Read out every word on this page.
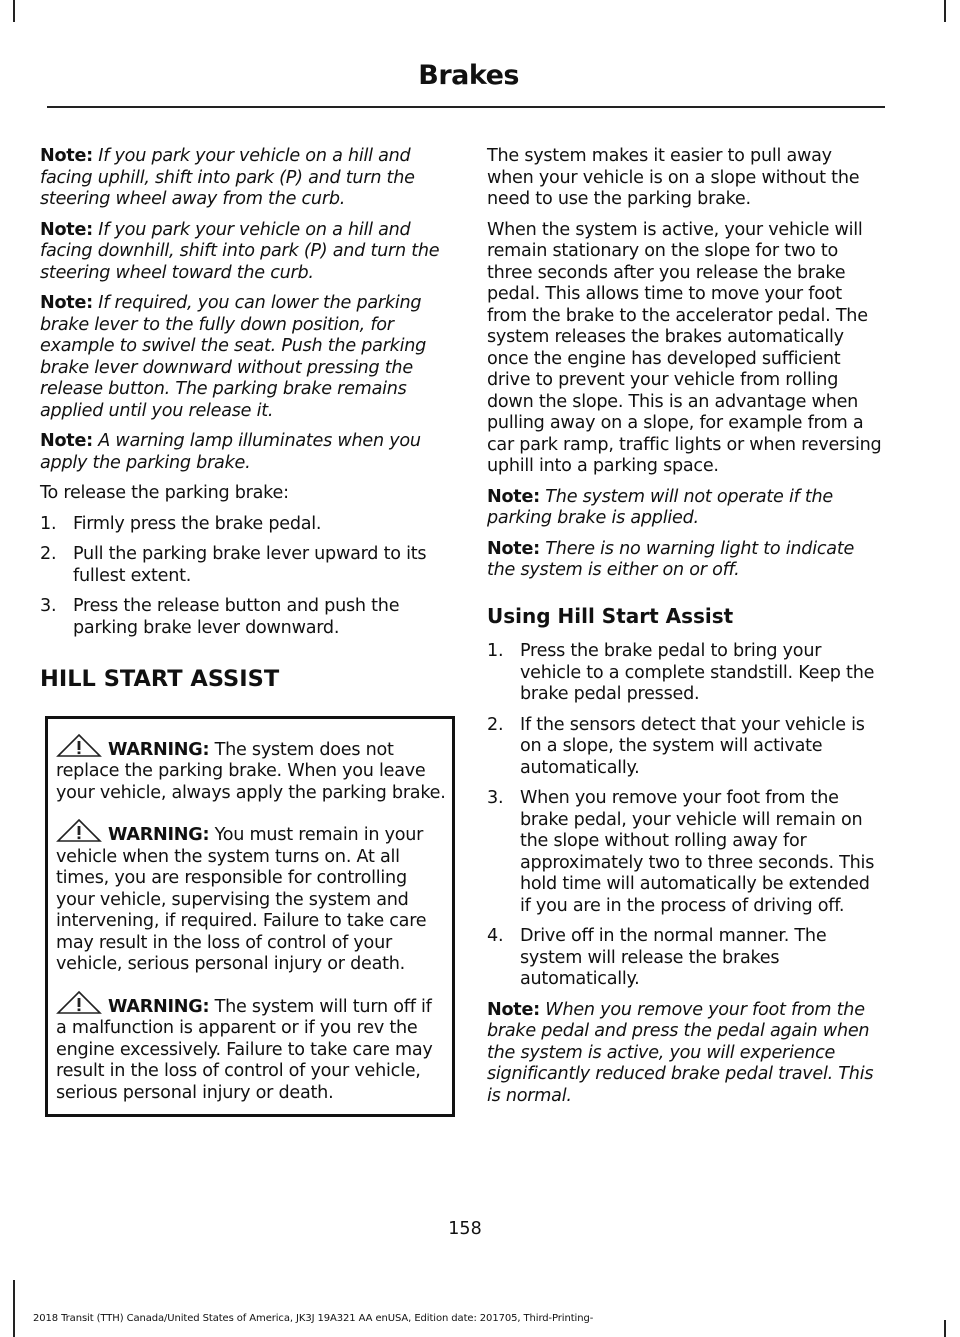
Brakes

Note: If you park your vehicle on a hill and facing uphill, shift into park (P) and turn the steering wheel away from the curb.

Note: If you park your vehicle on a hill and facing downhill, shift into park (P) and turn the steering wheel toward the curb.

Note: If required, you can lower the parking brake lever to the fully down position, for example to swivel the seat. Push the parking brake lever downward without pressing the release button. The parking brake remains applied until you release it.

Note: A warning lamp illuminates when you apply the parking brake.

To release the parking brake:

1. Firmly press the brake pedal.
2. Pull the parking brake lever upward to its fullest extent.
3. Press the release button and push the parking brake lever downward.
HILL START ASSIST
WARNING: The system does not replace the parking brake. When you leave your vehicle, always apply the parking brake.
WARNING: You must remain in your vehicle when the system turns on. At all times, you are responsible for controlling your vehicle, supervising the system and intervening, if required. Failure to take care may result in the loss of control of your vehicle, serious personal injury or death.
WARNING: The system will turn off if a malfunction is apparent or if you rev the engine excessively. Failure to take care may result in the loss of control of your vehicle, serious personal injury or death.

The system makes it easier to pull away when your vehicle is on a slope without the need to use the parking brake.

When the system is active, your vehicle will remain stationary on the slope for two to three seconds after you release the brake pedal. This allows time to move your foot from the brake to the accelerator pedal. The system releases the brakes automatically once the engine has developed sufficient drive to prevent your vehicle from rolling down the slope. This is an advantage when pulling away on a slope, for example from a car park ramp, traffic lights or when reversing uphill into a parking space.

Note: The system will not operate if the parking brake is applied.

Note: There is no warning light to indicate the system is either on or off.

Using Hill Start Assist
1. Press the brake pedal to bring your vehicle to a complete standstill. Keep the brake pedal pressed.
2. If the sensors detect that your vehicle is on a slope, the system will activate automatically.
3. When you remove your foot from the brake pedal, your vehicle will remain on the slope without rolling away for approximately two to three seconds. This hold time will automatically be extended if you are in the process of driving off.
4. Drive off in the normal manner. The system will release the brakes automatically.

Note: When you remove your foot from the brake pedal and press the pedal again when the system is active, you will experience significantly reduced brake pedal travel. This is normal.

158
2018 Transit (TTH) Canada/United States of America, JK3J 19A321 AA enUSA, Edition date: 201705, Third-Printing-
